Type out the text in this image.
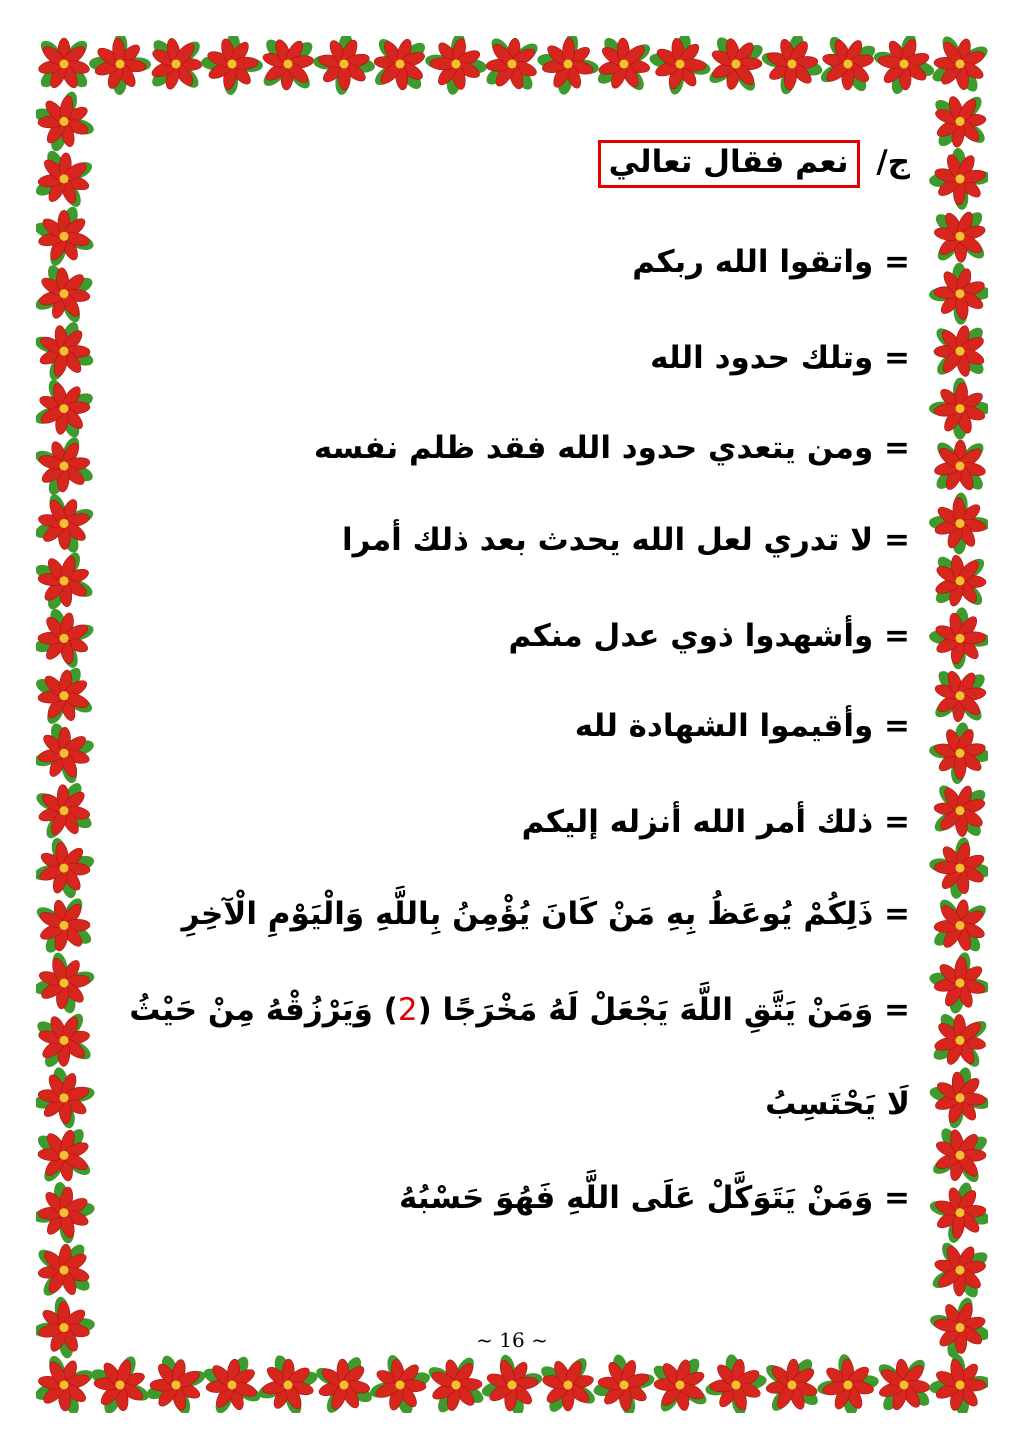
ج/ نعم فقال تعالي
= واتقوا الله ربكم
= وتلك حدود الله
= ومن يتعدي حدود الله فقد ظلم نفسه
= لا تدري لعل الله يحدث بعد ذلك أمرا
= وأشهدوا ذوي عدل منكم
= وأقيموا الشهادة لله
= ذلك أمر الله أنزله إليكم
= ذَلِكُمْ يُوعَظُ بِهِ مَنْ كَانَ يُؤْمِنُ بِاللَّهِ وَالْيَوْمِ الْآخِرِ
= وَمَنْ يَتَّقِ اللَّهَ يَجْعَلْ لَهُ مَخْرَجًا (2) وَيَرْزُقْهُ مِنْ حَيْثُ
لَا يَحْتَسِبُ
= وَمَنْ يَتَوَكَّلْ عَلَى اللَّهِ فَهُوَ حَسْبُهُ
~ 16 ~
